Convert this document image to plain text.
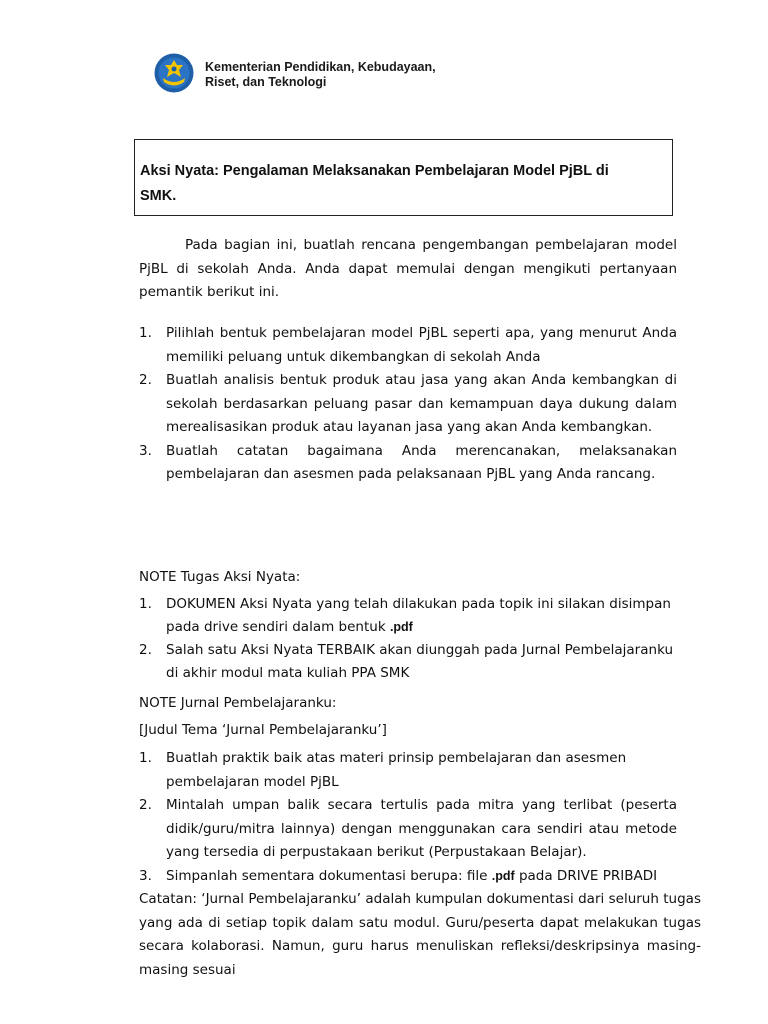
Kementerian Pendidikan, Kebudayaan,
Riset, dan Teknologi
Aksi Nyata: Pengalaman Melaksanakan Pembelajaran Model PjBL di
SMK.
Pada bagian ini, buatlah rencana pengembangan pembelajaran model PjBL di sekolah Anda. Anda dapat memulai dengan mengikuti pertanyaan pemantik berikut ini.
1. Pilihlah bentuk pembelajaran model PjBL seperti apa, yang menurut Anda memiliki peluang untuk dikembangkan di sekolah Anda
2. Buatlah analisis bentuk produk atau jasa yang akan Anda kembangkan di sekolah berdasarkan peluang pasar dan kemampuan daya dukung dalam merealisasikan produk atau layanan jasa yang akan Anda kembangkan.
3. Buatlah catatan bagaimana Anda merencanakan, melaksanakan pembelajaran dan asesmen pada pelaksanaan PjBL yang Anda rancang.
NOTE Tugas Aksi Nyata:
1. DOKUMEN Aksi Nyata yang telah dilakukan pada topik ini silakan disimpan pada drive sendiri dalam bentuk .pdf
2. Salah satu Aksi Nyata TERBAIK akan diunggah pada Jurnal Pembelajaranku di akhir modul mata kuliah PPA SMK
NOTE Jurnal Pembelajaranku:
[Judul Tema ‘Jurnal Pembelajaranku’]
1. Buatlah praktik baik atas materi prinsip pembelajaran dan asesmen pembelajaran model PjBL
2. Mintalah umpan balik secara tertulis pada mitra yang terlibat (peserta didik/guru/mitra lainnya) dengan menggunakan cara sendiri atau metode yang tersedia di perpustakaan berikut (Perpustakaan Belajar).
3. Simpanlah sementara dokumentasi berupa: file .pdf pada DRIVE PRIBADI
Catatan: ‘Jurnal Pembelajaranku’ adalah kumpulan dokumentasi dari seluruh tugas yang ada di setiap topik dalam satu modul. Guru/peserta dapat melakukan tugas secara kolaborasi. Namun, guru harus menuliskan refleksi/deskripsinya masing-masing sesuai
